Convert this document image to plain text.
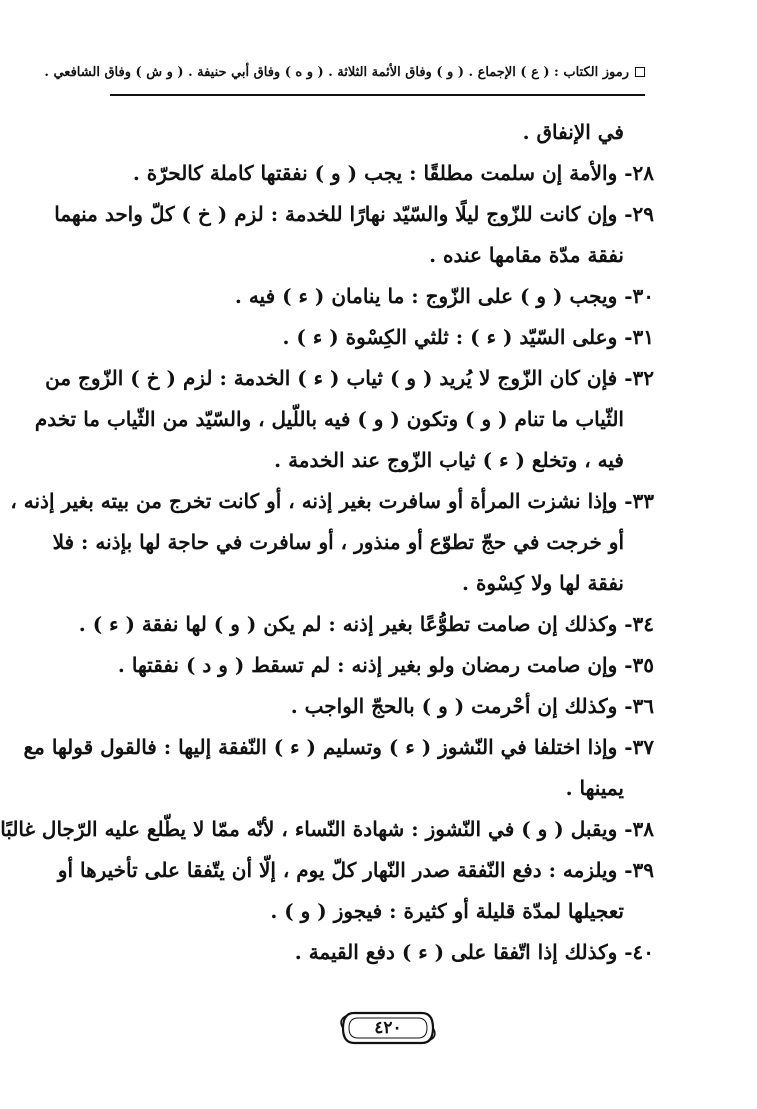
رموز الكتاب : ( ع ) الإجماع . ( و ) وفاق الأئمة الثلاثة . ( و ه ) وفاق أبي حنيفة . ( و ش ) وفاق الشافعي .
في الإنفاق .
٢٨- والأمة إن سلمت مطلقًا : يجب ( و ) نفقتها كاملة كالحرّة .
٢٩- وإن كانت للزّوج ليلًا والسّيّد نهارًا للخدمة : لزم ( خ ) كلّ واحد منهما
نفقة مدّة مقامها عنده .
٣٠- ويجب ( و ) على الزّوج : ما ينامان ( ء ) فيه .
٣١- وعلى السّيّد ( ء ) : ثلثي الكِسْوة ( ء ) .
٣٢- فإن كان الزّوج لا يُريد ( و ) ثياب ( ء ) الخدمة : لزم ( خ ) الزّوج من
الثّياب ما تنام ( و ) وتكون ( و ) فيه باللّيل ، والسّيّد من الثّياب ما تخدم
فيه ، وتخلع ( ء ) ثياب الزّوج عند الخدمة .
٣٣- وإذا نشزت المرأة أو سافرت بغير إذنه ، أو كانت تخرج من بيته بغير إذنه ،
أو خرجت في حجّ تطوّع أو منذور ، أو سافرت في حاجة لها بإذنه : فلا
نفقة لها ولا كِسْوة .
٣٤- وكذلك إن صامت تطوُّعًا بغير إذنه : لم يكن ( و ) لها نفقة ( ء ) .
٣٥- وإن صامت رمضان ولو بغير إذنه : لم تسقط ( و د ) نفقتها .
٣٦- وكذلك إن أحْرمت ( و ) بالحجّ الواجب .
٣٧- وإذا اختلفا في النّشوز ( ء ) وتسليم ( ء ) النّفقة إليها : فالقول قولها مع
يمينها .
٣٨- ويقبل ( و ) في النّشوز : شهادة النّساء ، لأنّه ممّا لا يطّلع عليه الرّجال غالبًا
٣٩- ويلزمه : دفع النّفقة صدر النّهار كلّ يوم ، إلّا أن يتّفقا على تأخيرها أو
تعجيلها لمدّة قليلة أو كثيرة : فيجوز ( و ) .
٤٠- وكذلك إذا اتّفقا على ( ء ) دفع القيمة .
٤٢٠
